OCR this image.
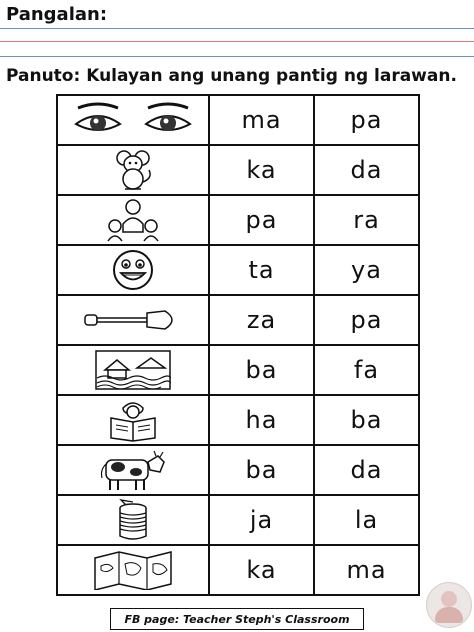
Pangalan:
Panuto: Kulayan ang unang pantig ng larawan.
	ma	pa

	ka	da

	pa	ra

	ta	ya

	za	pa

	ba	fa

	ha	ba

	ba	da

	ja	la

	ka	ma
FB page: Teacher Steph's Classroom
